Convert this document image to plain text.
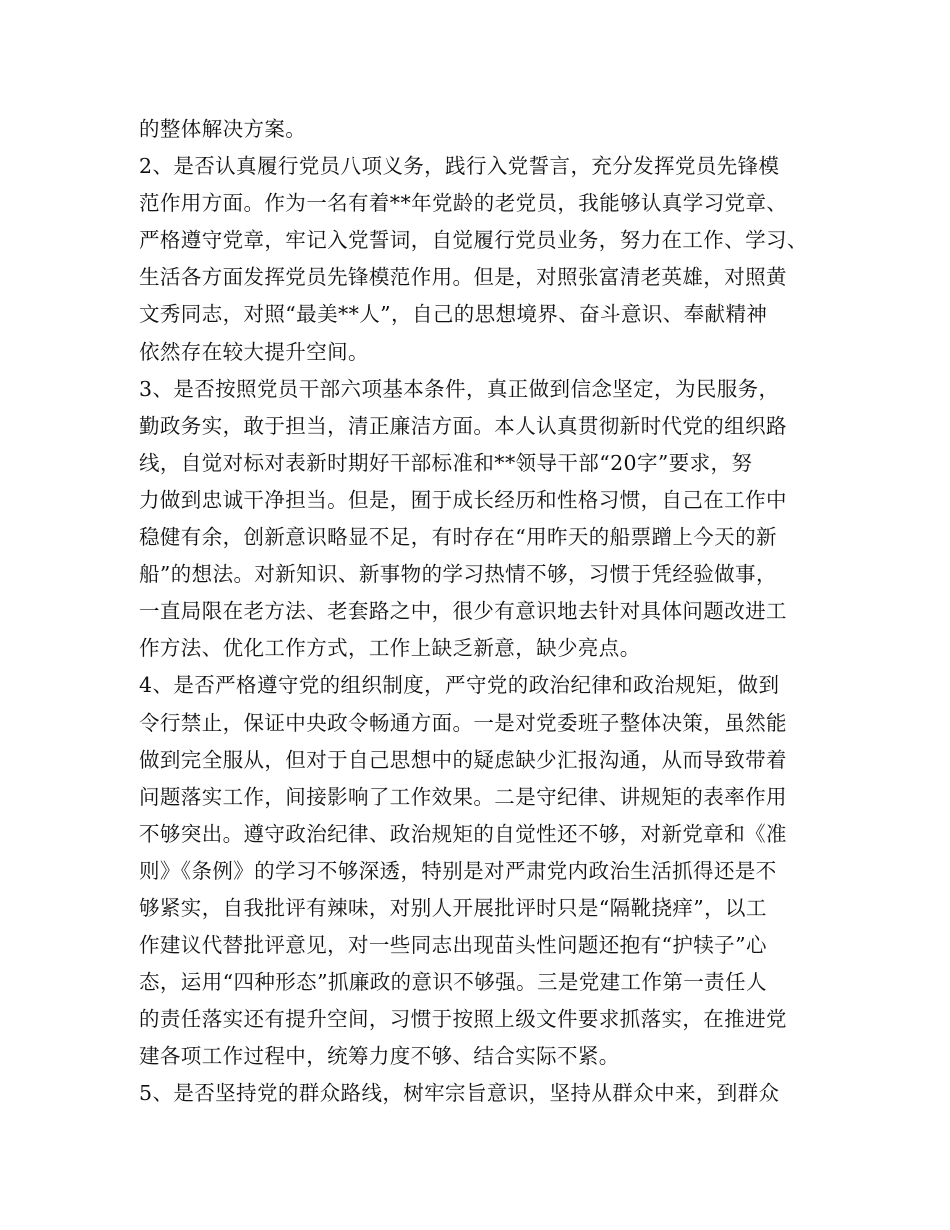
的整体解决方案。
2、是否认真履行党员八项义务，践行入党誓言，充分发挥党员先锋模
范作用方面。作为一名有着**年党龄的老党员，我能够认真学习党章、
严格遵守党章，牢记入党誓词，自觉履行党员业务，努力在工作、学习、
生活各方面发挥党员先锋模范作用。但是，对照张富清老英雄，对照黄
文秀同志，对照“最美**人”，自己的思想境界、奋斗意识、奉献精神
依然存在较大提升空间。
3、是否按照党员干部六项基本条件，真正做到信念坚定，为民服务，
勤政务实，敢于担当，清正廉洁方面。本人认真贯彻新时代党的组织路
线，自觉对标对表新时期好干部标准和**领导干部“20字”要求，努
力做到忠诚干净担当。但是，囿于成长经历和性格习惯，自己在工作中
稳健有余，创新意识略显不足，有时存在“用昨天的船票蹭上今天的新
船”的想法。对新知识、新事物的学习热情不够，习惯于凭经验做事，
一直局限在老方法、老套路之中，很少有意识地去针对具体问题改进工
作方法、优化工作方式，工作上缺乏新意，缺少亮点。
4、是否严格遵守党的组织制度，严守党的政治纪律和政治规矩，做到
令行禁止，保证中央政令畅通方面。一是对党委班子整体决策，虽然能
做到完全服从，但对于自己思想中的疑虑缺少汇报沟通，从而导致带着
问题落实工作，间接影响了工作效果。二是守纪律、讲规矩的表率作用
不够突出。遵守政治纪律、政治规矩的自觉性还不够，对新党章和《准
则》《条例》的学习不够深透，特别是对严肃党内政治生活抓得还是不
够紧实，自我批评有辣味，对别人开展批评时只是“隔靴挠痒”，以工
作建议代替批评意见，对一些同志出现苗头性问题还抱有“护犊子”心
态，运用“四种形态”抓廉政的意识不够强。三是党建工作第一责任人
的责任落实还有提升空间，习惯于按照上级文件要求抓落实，在推进党
建各项工作过程中，统筹力度不够、结合实际不紧。
5、是否坚持党的群众路线，树牢宗旨意识，坚持从群众中来，到群众
